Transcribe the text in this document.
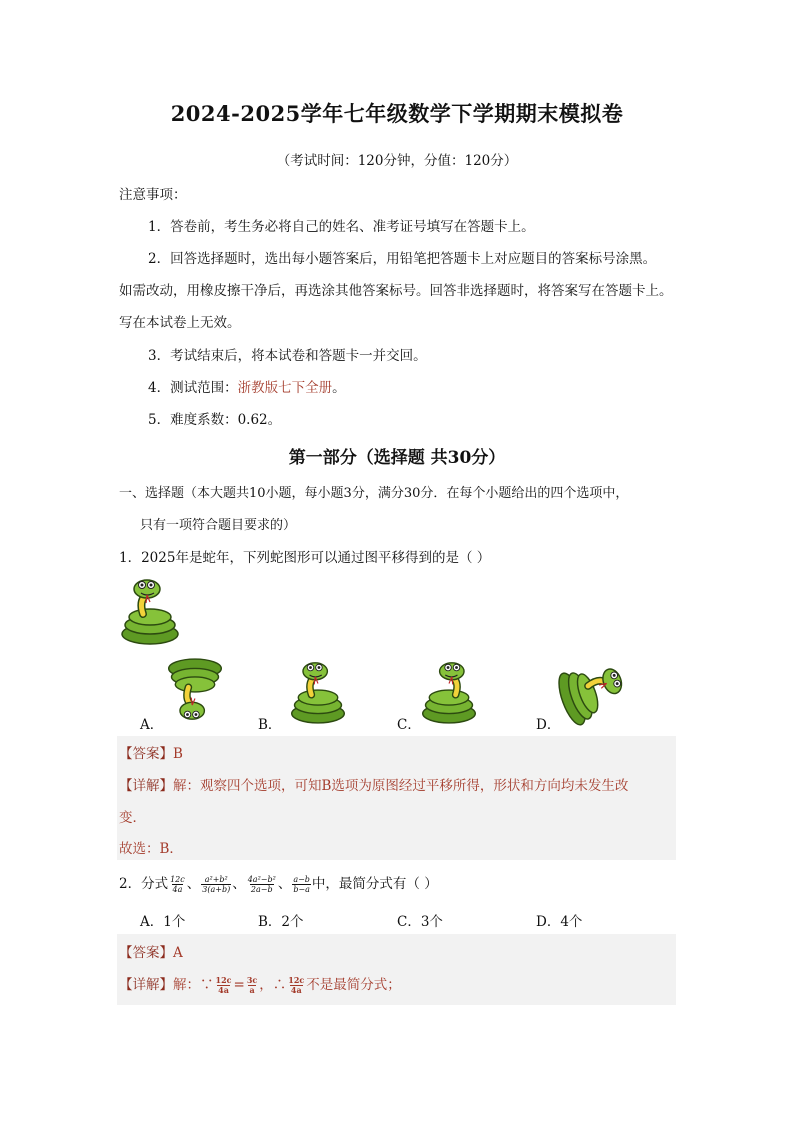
2024-2025学年七年级数学下学期期末模拟卷
（考试时间：120分钟，分值：120分）
注意事项：
1．答卷前，考生务必将自己的姓名、准考证号填写在答题卡上。
2．回答选择题时，选出每小题答案后，用铅笔把答题卡上对应题目的答案标号涂黑。
如需改动，用橡皮擦干净后，再选涂其他答案标号。回答非选择题时，将答案写在答题卡上。
写在本试卷上无效。
3．考试结束后，将本试卷和答题卡一并交回。
4．测试范围：浙教版七下全册。
5．难度系数：0.62。
第一部分（选择题 共30分）
一、选择题（本大题共10小题，每小题3分，满分30分．在每个小题给出的四个选项中，
只有一项符合题目要求的）
1．2025年是蛇年，下列蛇图形可以通过图平移得到的是（ ）
A．	B．	C．	D．
【答案】B
【详解】解：观察四个选项，可知B选项为原图经过平移所得，形状和方向均未发生改
变．
故选：B．
2．分式 $\frac{12c}{4a}$ 、 $\frac{\text{a²+b²}}{3(a+b)}$ 、 $\frac{\text{4a²−b²}}{2a-b}$ 、 $\frac{a-b}{b-a}$ 中，最简分式有（ ）
A．1个	B．2个	C．3个	D．4个
【答案】A
【详解】解：∵ $\frac{12c}{4a} = \frac{3c}{a}$ ，∴ $\frac{12c}{4a}$ 不是最简分式；
